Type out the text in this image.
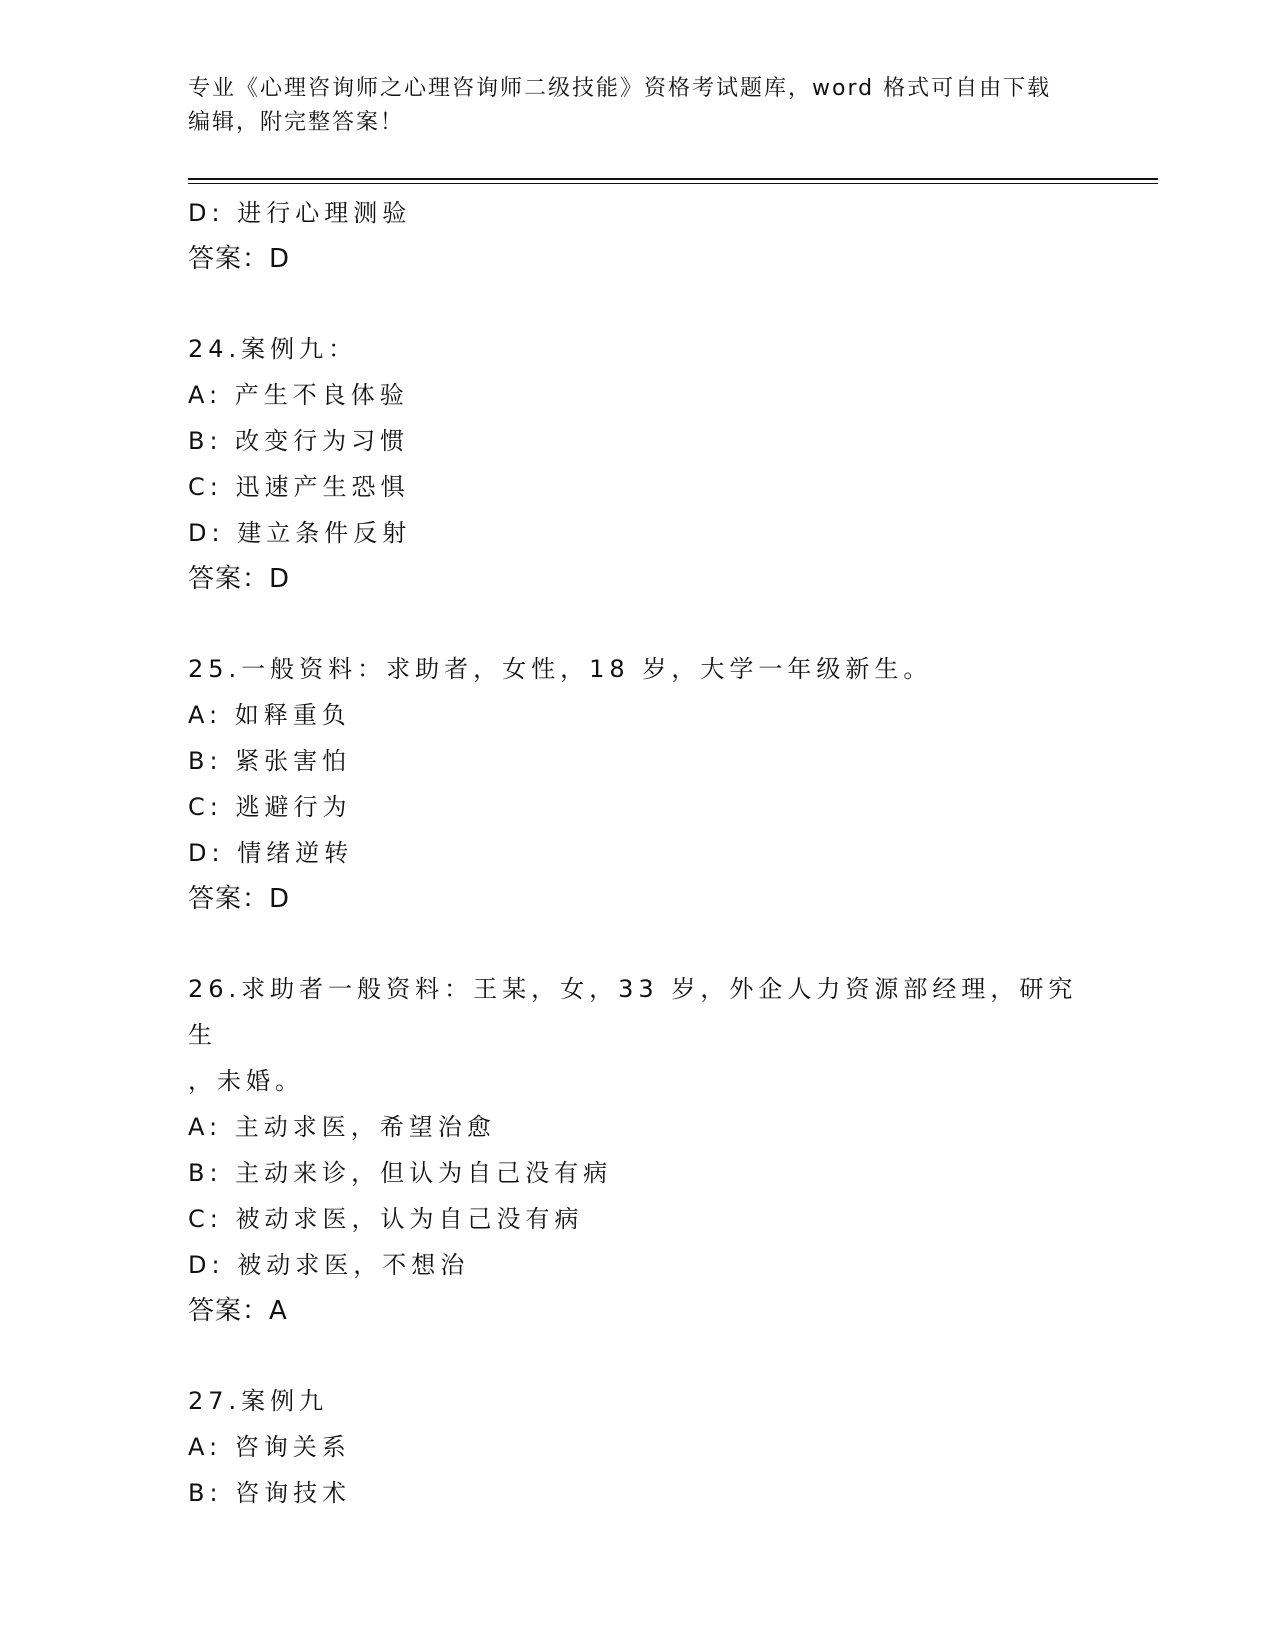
专业《心理咨询师之心理咨询师二级技能》资格考试题库，word 格式可自由下载
编辑，附完整答案！
D: 进行心理测验
答案：D
24.案例九：
A: 产生不良体验
B: 改变行为习惯
C: 迅速产生恐惧
D: 建立条件反射
答案：D
25.一般资料：求助者，女性，18 岁，大学一年级新生。
A: 如释重负
B: 紧张害怕
C: 逃避行为
D: 情绪逆转
答案：D
26.求助者一般资料：王某，女，33 岁，外企人力资源部经理，研究生
，未婚。
A: 主动求医，希望治愈
B: 主动来诊，但认为自己没有病
C: 被动求医，认为自己没有病
D: 被动求医，不想治
答案：A
27.案例九
A: 咨询关系
B: 咨询技术
